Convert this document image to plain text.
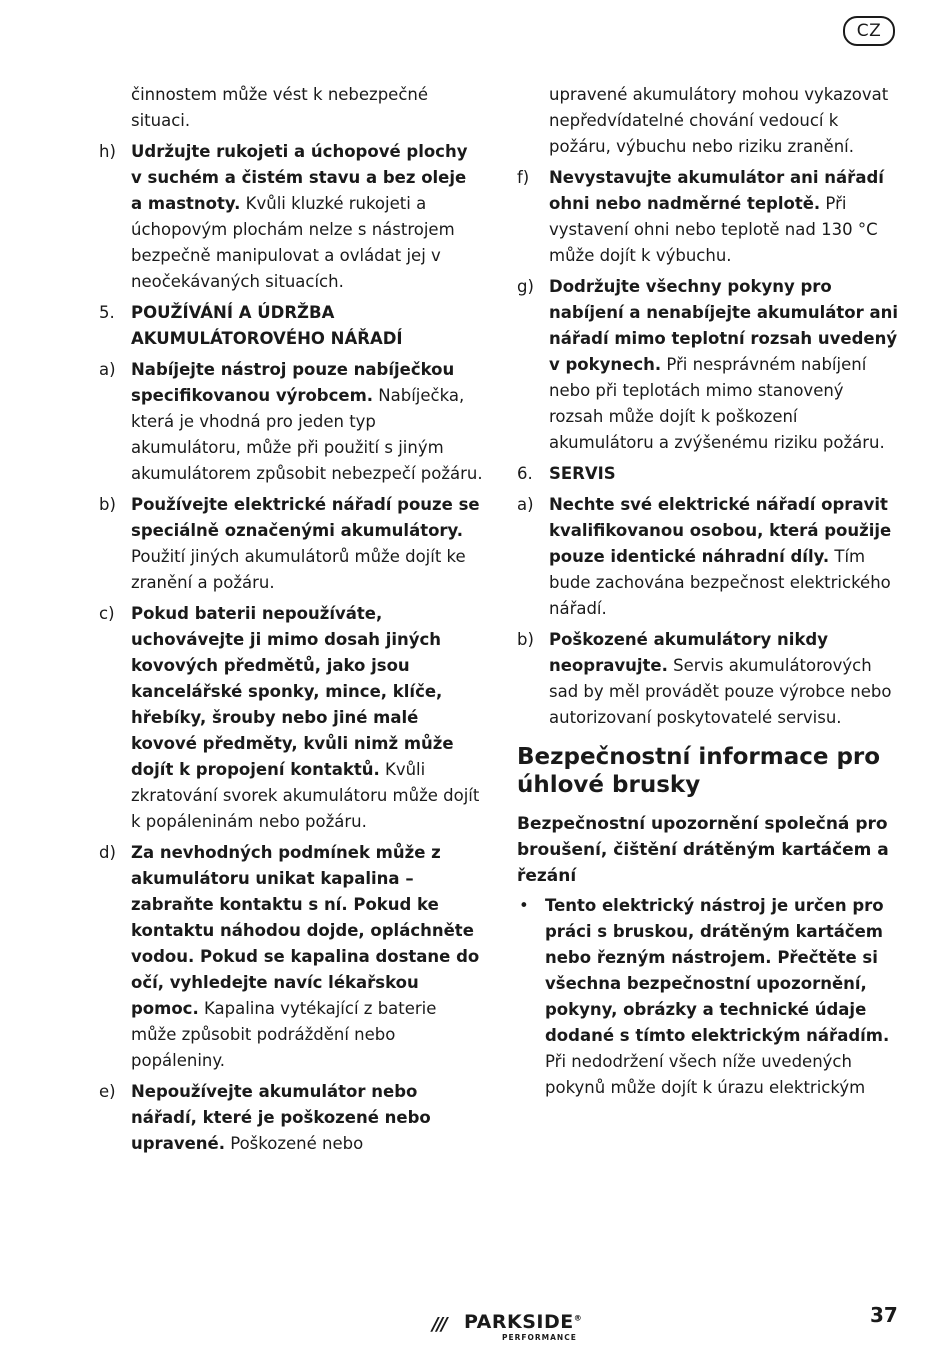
CZ
činnostem může vést k nebezpečné situaci.
h) Udržujte rukojeti a úchopové plochy v suchém a čistém stavu a bez oleje a mastnoty. Kvůli kluzké rukojeti a úchopovým plochám nelze s nástrojem bezpečně manipulovat a ovládat jej v neočekávaných situacích.
5. POUŽÍVÁNÍ A ÚDRŽBA AKUMULÁTOROVÉHO NÁŘADÍ
a) Nabíjejte nástroj pouze nabíječkou specifikovanou výrobcem. Nabíječka, která je vhodná pro jeden typ akumulátoru, může při použití s jiným akumulátorem způsobit nebezpečí požáru.
b) Používejte elektrické nářadí pouze se speciálně označenými akumulátory. Použití jiných akumulátorů může dojít ke zranění a požáru.
c) Pokud baterii nepoužíváte, uchovávejte ji mimo dosah jiných kovových předmětů, jako jsou kancelářské sponky, mince, klíče, hřebíky, šrouby nebo jiné malé kovové předměty, kvůli nimž může dojít k propojení kontaktů. Kvůli zkratování svorek akumulátoru může dojít k popáleninám nebo požáru.
d) Za nevhodných podmínek může z akumulátoru unikat kapalina – zabraňte kontaktu s ní. Pokud ke kontaktu náhodou dojde, opláchněte vodou. Pokud se kapalina dostane do očí, vyhledejte navíc lékařskou pomoc. Kapalina vytékající z baterie může způsobit podráždění nebo popáleniny.
e) Nepoužívejte akumulátor nebo nářadí, které je poškozené nebo upravené. Poškozené nebo
upravené akumulátory mohou vykazovat nepředvídatelné chování vedoucí k požáru, výbuchu nebo riziku zranění.
f) Nevystavujte akumulátor ani nářadí ohni nebo nadměrné teplotě. Při vystavení ohni nebo teplotě nad 130 °C může dojít k výbuchu.
g) Dodržujte všechny pokyny pro nabíjení a nenabíjejte akumulátor ani nářadí mimo teplotní rozsah uvedený v pokynech. Při nesprávném nabíjení nebo při teplotách mimo stanovený rozsah může dojít k poškození akumulátoru a zvýšenému riziku požáru.
6. SERVIS
a) Nechte své elektrické nářadí opravit kvalifikovanou osobou, která použije pouze identické náhradní díly. Tím bude zachována bezpečnost elektrického nářadí.
b) Poškozené akumulátory nikdy neopravujte. Servis akumulátorových sad by měl provádět pouze výrobce nebo autorizovaní poskytovatelé servisu.
Bezpečnostní informace pro úhlové brusky
Bezpečnostní upozornění společná pro broušení, čištění drátěným kartáčem a řezání
• Tento elektrický nástroj je určen pro práci s bruskou, drátěným kartáčem nebo řezným nástrojem. Přečtěte si všechna bezpečnostní upozornění, pokyny, obrázky a technické údaje dodané s tímto elektrickým nářadím. Při nedodržení všech níže uvedených pokynů může dojít k úrazu elektrickým
/// PARKSIDE®
PERFORMANCE
37
